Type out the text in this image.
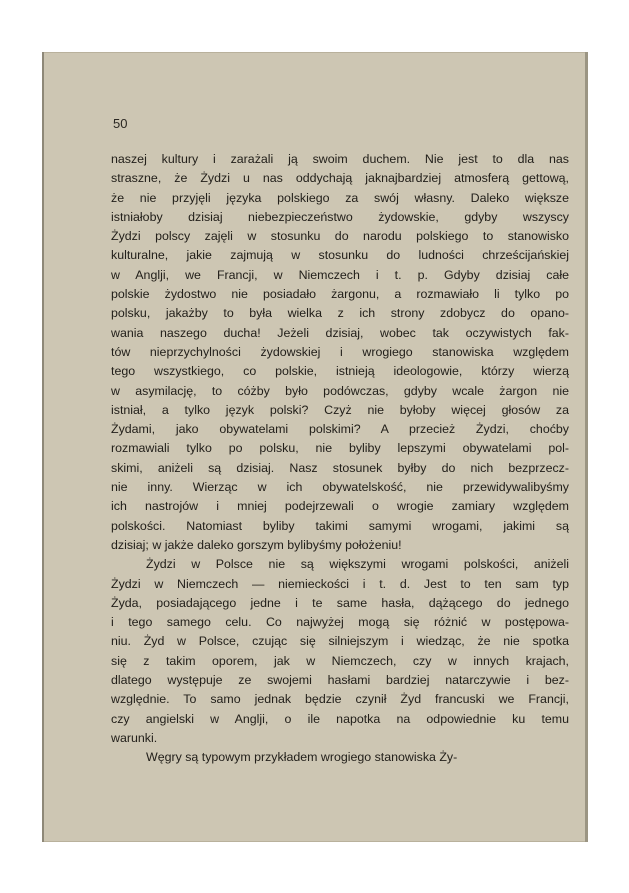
50
naszej kultury i zarażali ją swoim duchem. Nie jest to dla nas
straszne, że Żydzi u nas oddychają jaknajbardziej atmosferą gettową,
że nie przyjęli języka polskiego za swój własny. Daleko większe
istniałoby dzisiaj niebezpieczeństwo żydowskie, gdyby wszyscy
Żydzi polscy zajęli w stosunku do narodu polskiego to stanowisko
kulturalne, jakie zajmują w stosunku do ludności chrześcijańskiej
w Anglji, we Francji, w Niemczech i t. p. Gdyby dzisiaj całe
polskie żydostwo nie posiadało żargonu, a rozmawiało li tylko po
polsku, jakażby to była wielka z ich strony zdobycz do opano-
wania naszego ducha! Jeżeli dzisiaj, wobec tak oczywistych fak-
tów nieprzychylności żydowskiej i wrogiego stanowiska względem
tego wszystkiego, co polskie, istnieją ideologowie, którzy wierzą
w asymilację, to cóżby było podówczas, gdyby wcale żargon nie
istniał, a tylko język polski? Czyż nie byłoby więcej głosów za
Żydami, jako obywatelami polskimi? A przecież Żydzi, choćby
rozmawiali tylko po polsku, nie byliby lepszymi obywatelami pol-
skimi, aniżeli są dzisiaj. Nasz stosunek byłby do nich bezprzecz-
nie inny. Wierząc w ich obywatelskość, nie przewidywalibyśmy
ich nastrojów i mniej podejrzewali o wrogie zamiary względem
polskości. Natomiast byliby takimi samymi wrogami, jakimi są
dzisiaj; w jakże daleko gorszym bylibyśmy położeniu!
Żydzi w Polsce nie są większymi wrogami polskości, aniżeli
Żydzi w Niemczech — niemieckości i t. d. Jest to ten sam typ
Żyda, posiadającego jedne i te same hasła, dążącego do jednego
i tego samego celu. Co najwyżej mogą się różnić w postępowa-
niu. Żyd w Polsce, czując się silniejszym i wiedząc, że nie spotka
się z takim oporem, jak w Niemczech, czy w innych krajach,
dlatego występuje ze swojemi hasłami bardziej natarczywie i bez-
względnie. To samo jednak będzie czynił Żyd francuski we Francji,
czy angielski w Anglji, o ile napotka na odpowiednie ku temu
warunki.
Węgry są typowym przykładem wrogiego stanowiska Ży-
